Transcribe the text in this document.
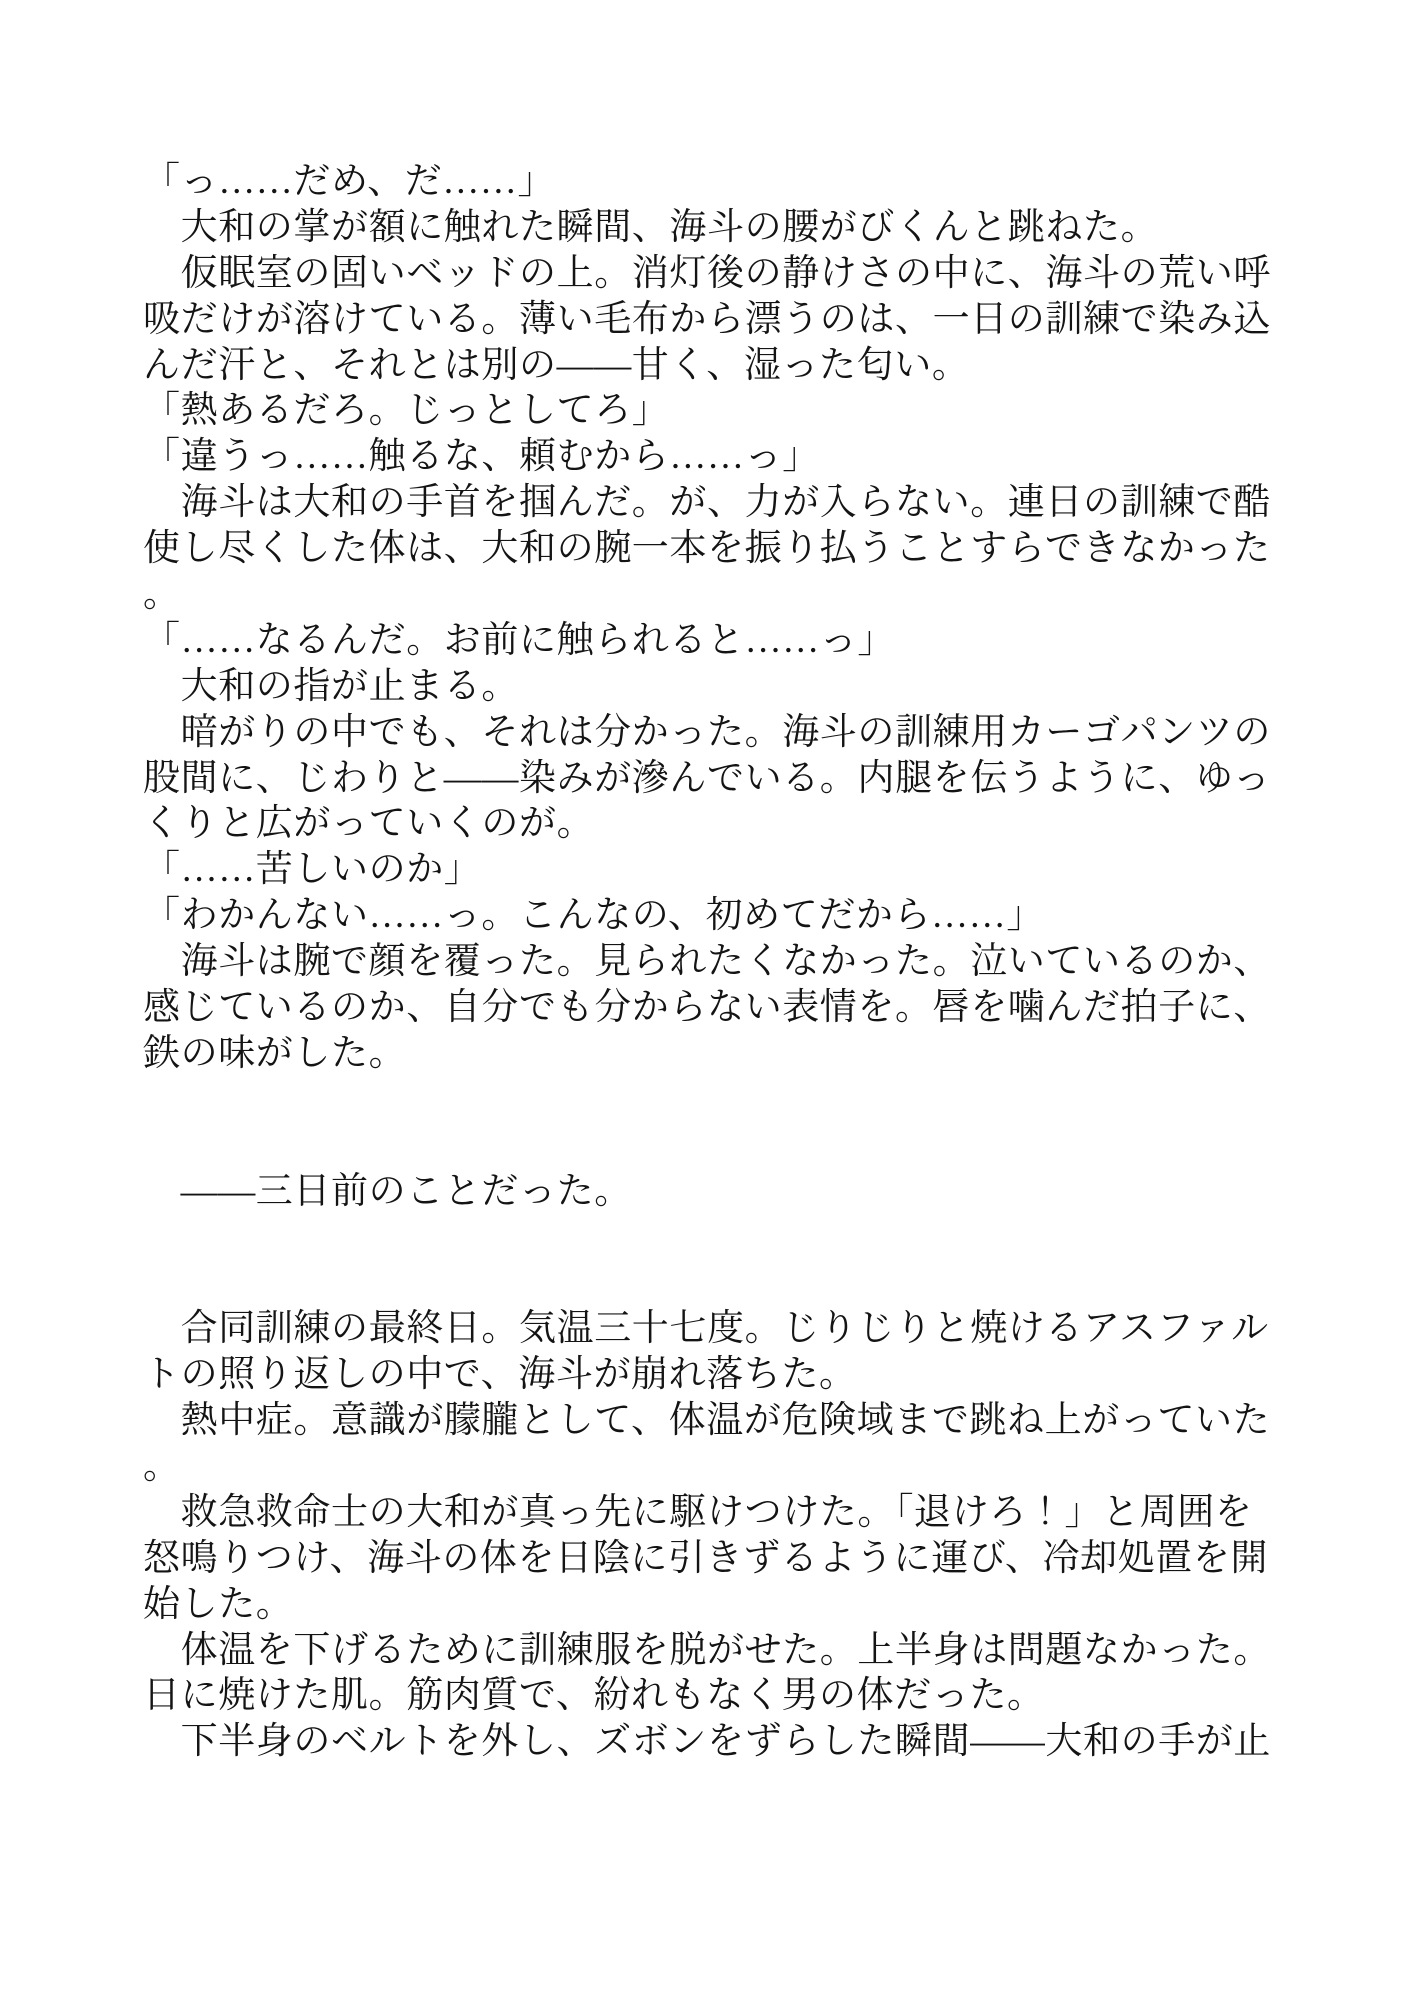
「っ……だめ、だ……」
　大和の掌が額に触れた瞬間、海斗の腰がびくんと跳ねた。
　仮眠室の固いベッドの上。消灯後の静けさの中に、海斗の荒い呼
吸だけが溶けている。薄い毛布から漂うのは、一日の訓練で染み込
んだ汗と、それとは別の――甘く、湿った匂い。
「熱あるだろ。じっとしてろ」
「違うっ……触るな、頼むから……っ」
　海斗は大和の手首を掴んだ。が、力が入らない。連日の訓練で酷
使し尽くした体は、大和の腕一本を振り払うことすらできなかった
。
「……なるんだ。お前に触られると……っ」
　大和の指が止まる。
　暗がりの中でも、それは分かった。海斗の訓練用カーゴパンツの
股間に、じわりと――染みが滲んでいる。内腿を伝うように、ゆっ
くりと広がっていくのが。
「……苦しいのか」
「わかんない……っ。こんなの、初めてだから……」
　海斗は腕で顔を覆った。見られたくなかった。泣いているのか、
感じているのか、自分でも分からない表情を。唇を噛んだ拍子に、
鉄の味がした。
　――三日前のことだった。
　合同訓練の最終日。気温三十七度。じりじりと焼けるアスファル
トの照り返しの中で、海斗が崩れ落ちた。
　熱中症。意識が朦朧として、体温が危険域まで跳ね上がっていた
。
　救急救命士の大和が真っ先に駆けつけた。「退けろ！」と周囲を
怒鳴りつけ、海斗の体を日陰に引きずるように運び、冷却処置を開
始した。
　体温を下げるために訓練服を脱がせた。上半身は問題なかった。
日に焼けた肌。筋肉質で、紛れもなく男の体だった。
　下半身のベルトを外し、ズボンをずらした瞬間――大和の手が止
